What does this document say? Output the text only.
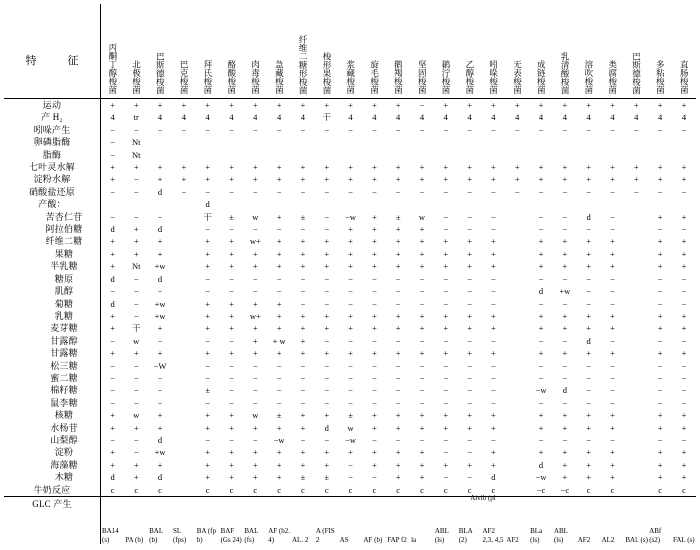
特　征	丙酮丁醇梭菌	北极梭菌	巴斯德梭菌	巴克梭菌	拜氏梭菌	酪酸梭菌	肉毒梭菌	急藏梭菌	纤维二糖形梭菌	梭形果梭菌	浆藏梭菌	旋毛梭菌	鹅羯梭菌	坚固梭菌	鹟泞梭菌	乙醇梭菌	吲哚梭菌	无表梭菌	成链梭菌	乳清酸梭菌	溶吹梭菌	类腐梭菌	巴斯德梭菌	多粘梭菌	直肠梭菌
运动	+	+	+	+	+	+	+	+	+	+	+	+	+	−	+	+	+	+	+	+	+	+	+	+	+
产 H₂	4	tr	4	4	4	4	4	4	4	干	4	4	4	4	4	4	4	4	4	4	4	4	4	4	4
吲哚产生	−	−	−	−	−	−	−	−	−	−	−	−	−	−	−	−	−	−	−	−	−	−	−	−	−
卵磷脂酶	−	Nt																							
脂酶	−	Nt																							
七叶灵水解	+	+	+	+	+	+	+	+	+	+	+	+	+	+	+	+	+	+	+	+	+	+	+	+	+
淀粉水解	+	−	+	+	+	+	+	+	+	+	+	+	+	+	+	+	+	+	+	+	+	+	+	+	+
硝酸盐还原	−	−	d	−	−	−	−	−	−	−	−	−	−	−	−	−	−	−	−	−	−	−	−	−	−
产酸：					d																				
苦杏仁苷	−	−	−		干	±	w	+	±	−	−w	+	±	w	−	−	−		−	−	d	−		+	+
阿拉伯糖	d	+	d		−	−	−	−	−	−	+	+	+	+	−	−	−		−	−	−	−		−	−
纤维二糖	+	+	+		+	+	w+	+	+	+	+	+	+	+	+	+	+		+	+	+	+		+	+
果糖	+	+	+		+	+	+	+	+	+	+	+	+	+	+	+	+		+	+	+	+		+	+
半乳糖	+	Nt	+w		+	+	+	+	+	+	+	+	+	+	+	+	+		+	+	+	+		+	+
糖原	d	−	d		−	−	−	−	−	−	−	−	−	−	−	−	−		−	−	−	−		−	−
肌醇	−	−	−		−	−	−	−	−	−	−	−	−	−	−	−	−		d	+w	−	−		−	−
菊糖	d	−	+w		+	+	+	+	−	−	−	−	−	−	−	−	−		−	−	−	−		−	−
乳糖	+	−	+w		+	+	w+	+	+	+	+	+	+	+	+	+	+		+	+	+	+		+	+
麦芽糖	+	干	+		+	+	+	+	+	+	+	+	+	+	+	+	+		+	+	+	+		+	+
甘露醇	−	w	−		−	−	+	+ w	+	−	−	−	−	−	−	−	−		−	−	d	−		−	−
甘露糖	+	+	+		+	+	+	+	+	+	+	+	+	+	+	+	+		+	+	+	+		+	+
松三糖	−	−	−W		−	−	−	−	−	−	−	−	−	−	−	−	−		−	−	−	−		−	−
蜜二糖	−	−	−		−	−	−	−	−	−	−	−	−	−	−	−	−		−	−	−	−		−	−
棉籽糖	−	−	−		±	−	−	−	−	−	−	−	−	−	−	−	−		−w	d	−	−		−	−
鼠李糖	−	−	−		−	−	−	−	−	−	−	−	−	−	−	−	−		−	−	−	−		−	−
核糖	+	w	+		+	+	w	±	+	+	±	+	+	+	+	+	+		+	+	+	+		+	+
水杨苷	+	+	+		+	+	+	+	+	d	w	+	+	+	+	+	+		+	+	+	+		+	+
山梨醇	−	−	d		−	−	−	−w	−	−	−w	−	−	−	−	−	−		−	−	−	−		−	−
淀粉	+	−	+w		+	+	+	+	+	+	+	+	+	+	−	−	+		+	+	+	+		+	+
海藻糖	+	+	+		+	+	+	+	+	+	−	+	+	+	+	+	+		d	+	+	+		+	+
木糖	d	+	d		+	+	+	+	±	±	−	−	+	+	−	−	d		−w	+	+	+		+	+
牛奶反应	c	c	c		c	c	c	c	c	c	c	c	c	c	c	c	c		−c	−c	c	c		c	c
GLC 产生	BA14 (s)	PA (b)	BAL (b)	SL (fps)	BA (fp b)	BAF (Gs 24)	BAL (fs)	AF (b2. 4)	AL. 2	A (FIS 2	AS	AF (b)	FAP f2	la	ABL (ls)	BLA (2)	AF2 2,3, 4,5	AF2	BLa (ls)	ABL (ls)	AF2	AL2	BAl. (s)	ABf (s2)	FAL (s)
Aivib (pl
